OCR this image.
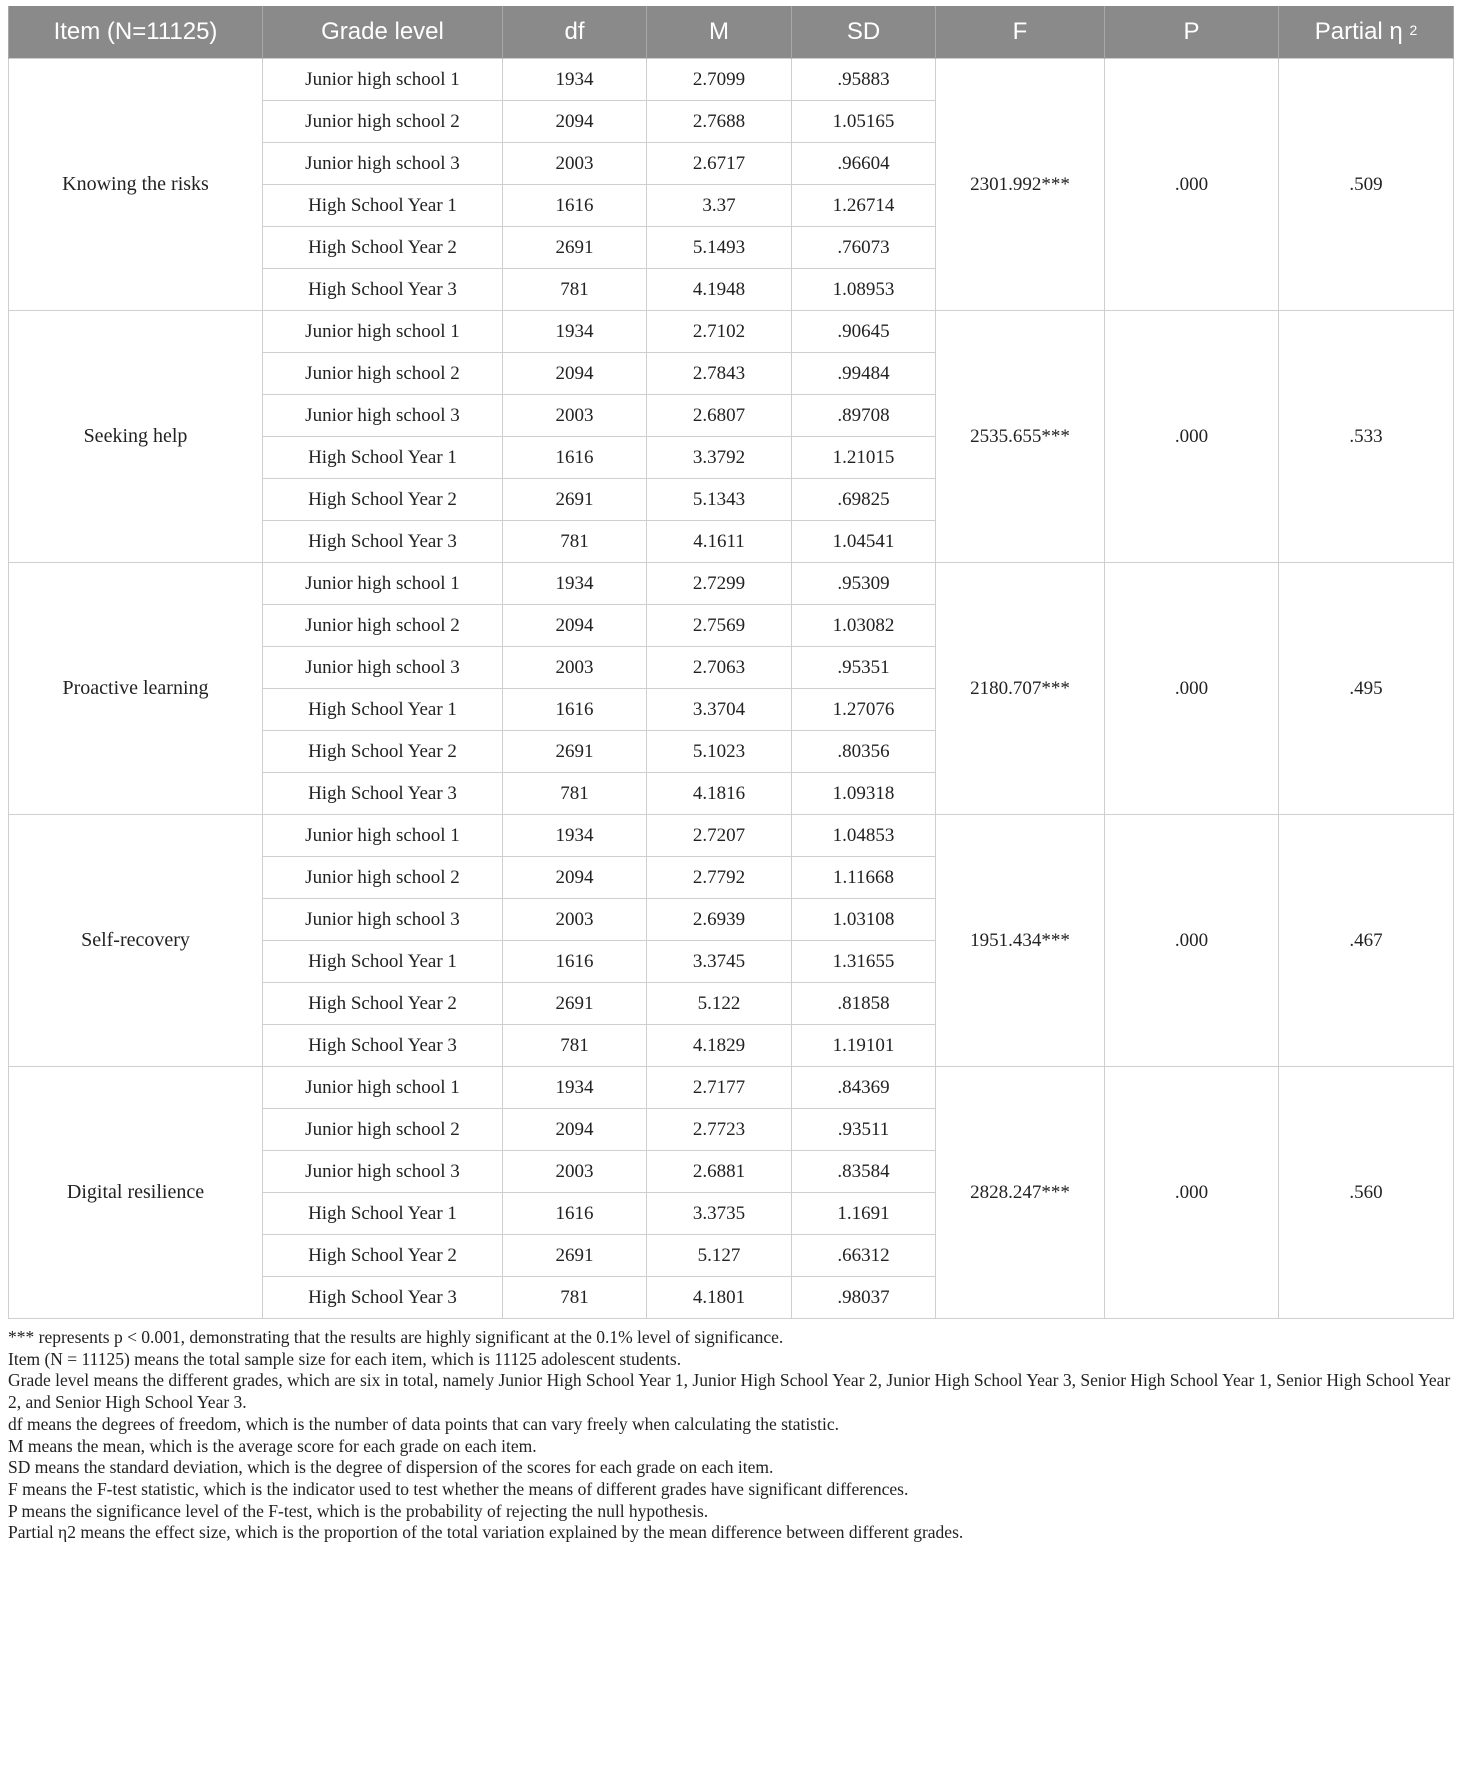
Item (N=11125)	Grade level	df	M	SD	F	P	Partial η $^2$
Knowing the risks	Junior high school 1	1934	2.7099	.95883	2301.992***	.000	.509
	Junior high school 2	2094	2.7688	1.05165			
	Junior high school 3	2003	2.6717	.96604			
	High School Year 1	1616	3.37	1.26714			
	High School Year 2	2691	5.1493	.76073			
	High School Year 3	781	4.1948	1.08953			
Seeking help	Junior high school 1	1934	2.7102	.90645	2535.655***	.000	.533
	Junior high school 2	2094	2.7843	.99484			
	Junior high school 3	2003	2.6807	.89708			
	High School Year 1	1616	3.3792	1.21015			
	High School Year 2	2691	5.1343	.69825			
	High School Year 3	781	4.1611	1.04541			
Proactive learning	Junior high school 1	1934	2.7299	.95309	2180.707***	.000	.495
	Junior high school 2	2094	2.7569	1.03082			
	Junior high school 3	2003	2.7063	.95351			
	High School Year 1	1616	3.3704	1.27076			
	High School Year 2	2691	5.1023	.80356			
	High School Year 3	781	4.1816	1.09318			
Self-recovery	Junior high school 1	1934	2.7207	1.04853	1951.434***	.000	.467
	Junior high school 2	2094	2.7792	1.11668			
	Junior high school 3	2003	2.6939	1.03108			
	High School Year 1	1616	3.3745	1.31655			
	High School Year 2	2691	5.122	.81858			
	High School Year 3	781	4.1829	1.19101			
Digital resilience	Junior high school 1	1934	2.7177	.84369	2828.247***	.000	.560
	Junior high school 2	2094	2.7723	.93511			
	Junior high school 3	2003	2.6881	.83584			
	High School Year 1	1616	3.3735	1.1691			
	High School Year 2	2691	5.127	.66312			
	High School Year 3	781	4.1801	.98037			

*** represents p < 0.001, demonstrating that the results are highly significant at the 0.1% level of significance.

Item (N = 11125) means the total sample size for each item, which is 11125 adolescent students.

Grade level means the different grades, which are six in total, namely Junior High School Year 1, Junior High School Year 2, Junior High School Year 3, Senior High School Year 1, Senior High School Year 2, and Senior High School Year 3.

df means the degrees of freedom, which is the number of data points that can vary freely when calculating the statistic.

M means the mean, which is the average score for each grade on each item.

SD means the standard deviation, which is the degree of dispersion of the scores for each grade on each item.

F means the F-test statistic, which is the indicator used to test whether the means of different grades have significant differences.

P means the significance level of the F-test, which is the probability of rejecting the null hypothesis.

Partial η2 means the effect size, which is the proportion of the total variation explained by the mean difference between different grades.
